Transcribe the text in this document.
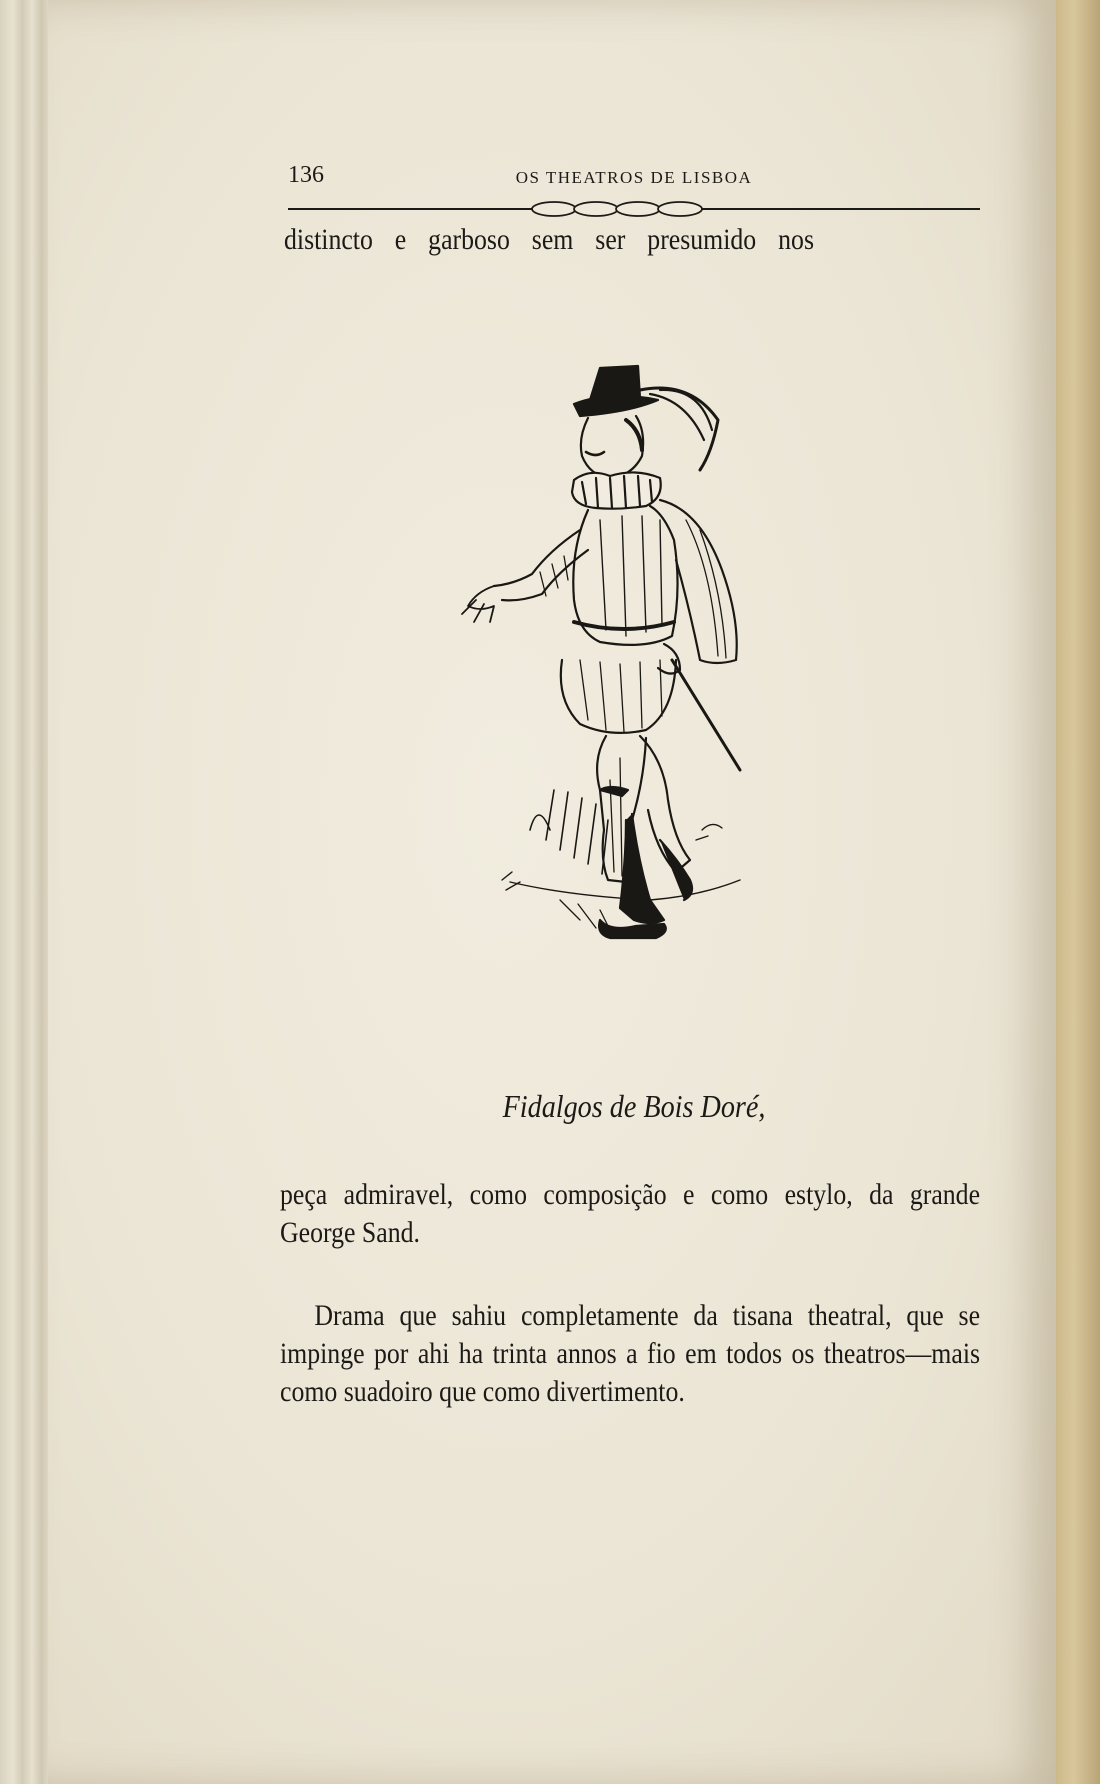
136	OS THEATROS DE LISBOA
distincto e garboso sem ser presumido nos
Fidalgos de Bois Doré,

peça admiravel, como composição e como estylo, da grande George Sand.

Drama que sahiu completamente da tisana theatral, que se impinge por ahi ha trinta annos a fio em todos os theatros—mais como suadoiro que como divertimento.
